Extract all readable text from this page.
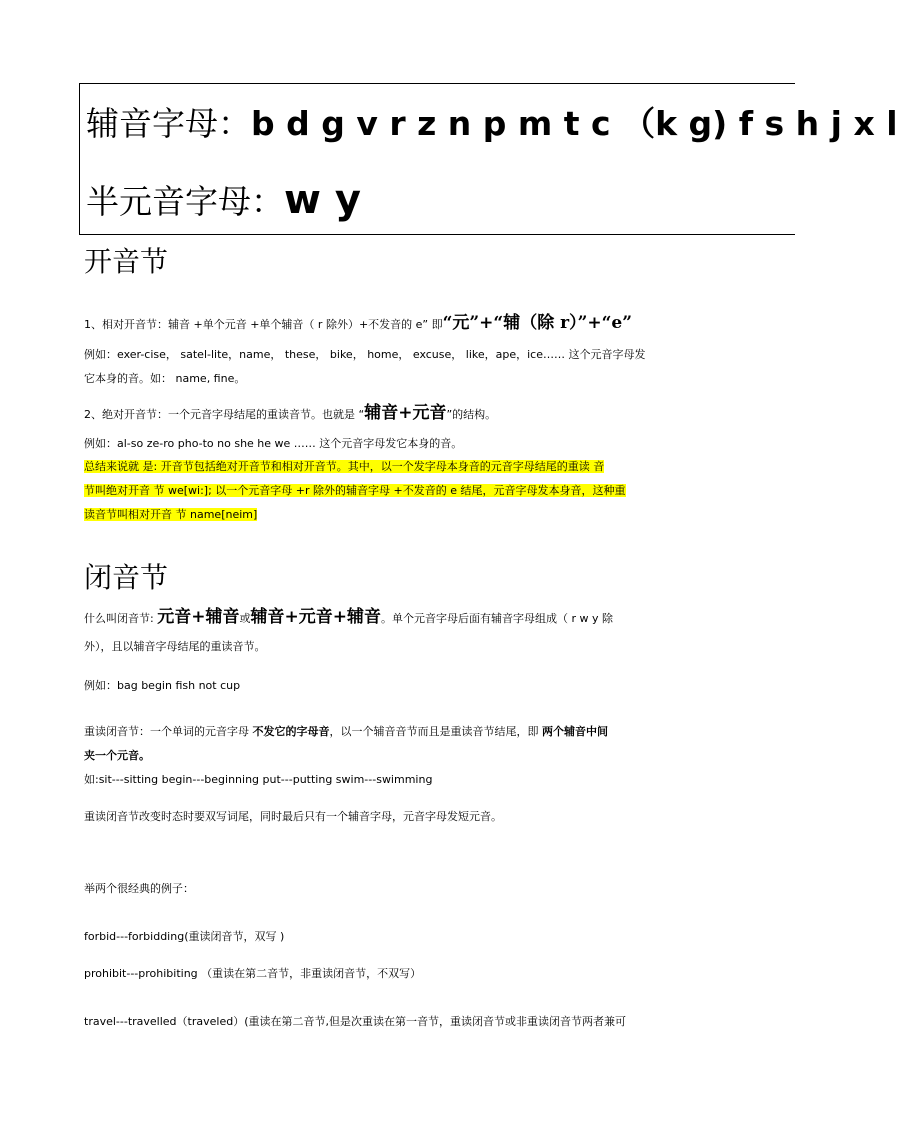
辅音字母：b d g v r z n p m t c （k g) f s h j x l
半元音字母：w y
开音节
1、相对开音节：辅音 +单个元音 +单个辅音（ r 除外）+不发音的 e” 即“元”+“辅（除 r）”+“e”
例如：exer-cise， satel-lite，name， these， bike， home， excuse， like，ape，ice…… 这个元音字母发
它本身的音。如： name, fine。
2、绝对开音节：一个元音字母结尾的重读音节。也就是 “辅音+元音”的结构。
例如：al-so ze-ro pho-to no she he we …… 这个元音字母发它本身的音。
总结来说就 是: 开音节包括绝对开音节和相对开音节。其中，以一个发字母本身音的元音字母结尾的重读 音
节叫绝对开音 节 we[wi:]; 以一个元音字母 +r 除外的辅音字母 +不发音的 e 结尾，元音字母发本身音，这种重
读音节叫相对开音 节 name[neim]
闭音节
什么叫闭音节: 元音+辅音或辅音+元音+辅音。单个元音字母后面有辅音字母组成（ r w y 除
外），且以辅音字母结尾的重读音节。
例如：bag begin fish not cup
重读闭音节：一个单词的元音字母 不发它的字母音，以一个辅音音节而且是重读音节结尾，即 两个辅音中间
夹一个元音。
如:sit---sitting begin---beginning put---putting swim---swimming
重读闭音节改变时态时要双写词尾，同时最后只有一个辅音字母，元音字母发短元音。
举两个很经典的例子：
forbid---forbidding(重读闭音节，双写 )
prohibit---prohibiting （重读在第二音节，非重读闭音节，不双写）
travel---travelled（traveled）(重读在第二音节,但是次重读在第一音节，重读闭音节或非重读闭音节两者兼可
